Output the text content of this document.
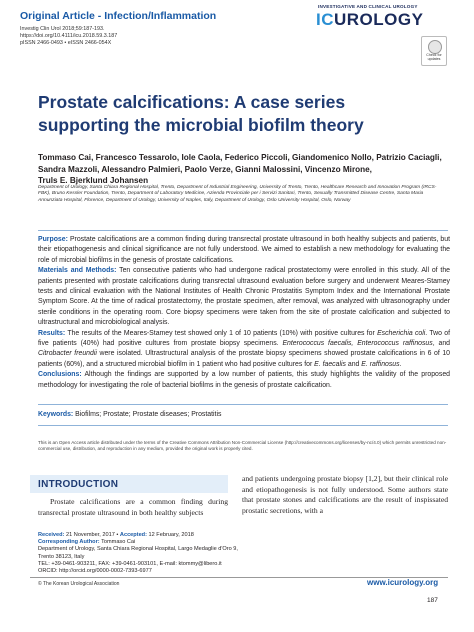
Original Article - Infection/Inflammation
Investig Clin Urol 2018;59:187-193.
https://doi.org/10.4111/icu.2018.59.3.187
pISSN 2466-0493 • eISSN 2466-054X
INVESTIGATIVE AND CLINICAL UROLOGY
ICUROLOGY
Check for updates
Prostate calcifications: A case series supporting the microbial biofilm theory
Tommaso Cai, Francesco Tessarolo, Iole Caola, Federico Piccoli, Giandomenico Nollo, Patrizio Caciagli,
Sandra Mazzoli, Alessandro Palmieri, Paolo Verze, Gianni Malossini, Vincenzo Mirone,
Truls E. Bjerklund Johansen
Department of Urology, Santa Chiara Regional Hospital, Trento, Department of Industrial Engineering, University of Trento, Trento, Healthcare Research and Innovation Program (IRCS-FBK), Bruno Kessler Foundation, Trento, Department of Laboratory Medicine, Azienda Provinciale per i Servizi Sanitari, Trento, Sexually Transmitted Disease Centre, Santa Maria Annunziata Hospital, Florence, Department of Urology, University of Naples, Italy, Department of Urology, Oslo University Hospital, Oslo, Norway
Purpose: Prostate calcifications are a common finding during transrectal prostate ultrasound in both healthy subjects and patients, but their etiopathogenesis and clinical significance are not fully understood. We aimed to establish a new methodology for evaluating the role of microbial biofilms in the genesis of prostate calcifications.
Materials and Methods: Ten consecutive patients who had undergone radical prostatectomy were enrolled in this study. All of the patients presented with prostate calcifications during transrectal ultrasound evaluation before surgery and underwent Meares-Stamey tests and clinical evaluation with the National Institutes of Health Chronic Prostatitis Symptom Index and the International Prostate Symptom Score. At the time of radical prostatectomy, the prostate specimen, after removal, was analyzed with ultrasonography under sterile conditions in the operating room. Core biopsy specimens were taken from the site of prostate calcification and subjected to ultrastructural and microbiological analysis.
Results: The results of the Meares-Stamey test showed only 1 of 10 patients (10%) with positive cultures for Escherichia coli. Two of five patients (40%) had positive cultures from prostate biopsy specimens. Enterococcus faecalis, Enterococcus raffinosus, and Citrobacter freundii were isolated. Ultrastructural analysis of the prostate biopsy specimens showed prostate calcifications in 6 of 10 patients (60%), and a structured microbial biofilm in 1 patient who had positive cultures for E. faecalis and E. raffinosus.
Conclusions: Although the findings are supported by a low number of patients, this study highlights the validity of the proposed methodology for investigating the role of bacterial biofilms in the genesis of prostate calcification.
Keywords: Biofilms; Prostate; Prostate diseases; Prostatitis
This is an Open Access article distributed under the terms of the Creative Commons Attribution Non-Commercial License (http://creativecommons.org/licenses/by-nc/4.0) which permits unrestricted non-commercial use, distribution, and reproduction in any medium, provided the original work is properly cited.
INTRODUCTION
Prostate calcifications are a common finding during transrectal prostate ultrasound in both healthy subjects
and patients undergoing prostate biopsy [1,2], but their clinical role and etiopathogenesis is not fully understood. Some authors state that prostate stones and calcifications are the result of inspissated prostatic secretions, with a
Received: 21 November, 2017 • Accepted: 12 February, 2018
Corresponding Author: Tommaso Cai
Department of Urology, Santa Chiara Regional Hospital, Largo Medaglie d'Oro 9, Trento 38123, Italy
TEL: +39-0461-903211, FAX: +39-0461-903101, E-mail: ktommy@libero.it
ORCID: http://orcid.org/0000-0002-7393-6977
© The Korean Urological Association	www.icurology.org
187
